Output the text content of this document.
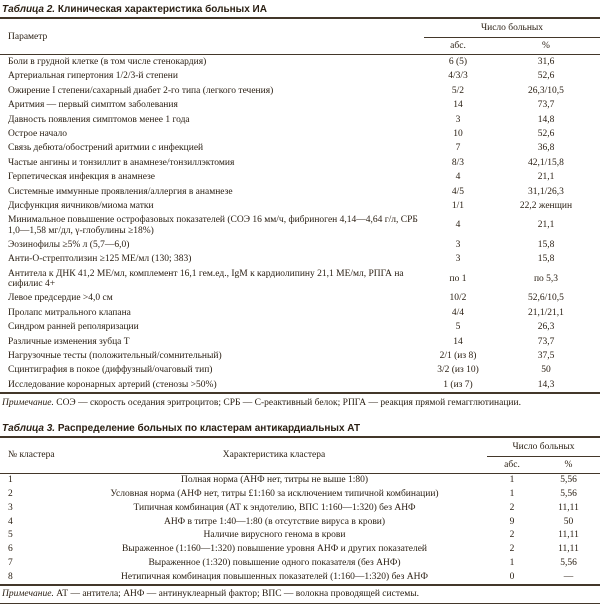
Таблица 2. Клиническая характеристика больных ИА
Параметр	Число больных	
	абс.	%
Боли в грудной клетке (в том числе стенокардия)	6 (5)	31,6
Артериальная гипертония 1/2/3-й степени	4/3/3	52,6
Ожирение I степени/сахарный диабет 2-го типа (легкого течения)	5/2	26,3/10,5
Аритмия — первый симптом заболевания	14	73,7
Давность появления симптомов менее 1 года	3	14,8
Острое начало	10	52,6
Связь дебюта/обострений аритмии с инфекцией	7	36,8
Частые ангины и тонзиллит в анамнезе/тонзиллэктомия	8/3	42,1/15,8
Герпетическая инфекция в анамнезе	4	21,1
Системные иммунные проявления/аллергия в анамнезе	4/5	31,1/26,3
Дисфункция яичников/миома матки	1/1	22,2 женщин
Минимальное повышение острофазовых показателей (СОЭ 16 мм/ч, фибриноген 4,14—4,64 г/л, СРБ 1,0—1,58 мг/дл, γ-глобулины ≥18%)	4	21,1
Эозинофилы ≥5% л (5,7—6,0)	3	15,8
Анти-О-стрептолизин ≥125 МЕ/мл (130; 383)	3	15,8
Антитела к ДНК 41,2 МЕ/мл, комплемент 16,1 гем.ед., IgM к кардиолипину 21,1 МЕ/мл, РПГА на сифилис 4+	по 1	по 5,3
Левое предсердие >4,0 см	10/2	52,6/10,5
Пролапс митрального клапана	4/4	21,1/21,1
Синдром ранней реполяризации	5	26,3
Различные изменения зубца Т	14	73,7
Нагрузочные тесты (положительный/сомнительный)	2/1 (из 8)	37,5
Сцинтиграфия в покое (диффузный/очаговый тип)	3/2 (из 10)	50
Исследование коронарных артерий (стенозы >50%)	1 (из 7)	14,3
Примечание. СОЭ — скорость оседания эритроцитов; СРБ — С-реактивный белок; РПГА — реакция прямой гемагглютинации.
Таблица 3. Распределение больных по кластерам антикардиальных АТ
№ кластера	Характеристика кластера	Число больных	
		абс.	%
1	Полная норма (АНФ нет, титры не выше 1:80)	1	5,56
2	Условная норма (АНФ нет, титры £1:160 за исключением типичной комбинации)	1	5,56
3	Типичная комбинация (АТ к эндотелию, ВПС 1:160—1:320) без АНФ	2	11,11
4	АНФ в титре 1:40—1:80 (в отсутствие вируса в крови)	9	50
5	Наличие вирусного генома в крови	2	11,11
6	Выраженное (1:160—1:320) повышение уровня АНФ и других показателей	2	11,11
7	Выраженное (1:320) повышение одного показателя (без АНФ)	1	5,56
8	Нетипичная комбинация повышенных показателей (1:160—1:320) без АНФ	0	—
Примечание. АТ — антитела; АНФ — антинуклеарный фактор; ВПС — волокна проводящей системы.
